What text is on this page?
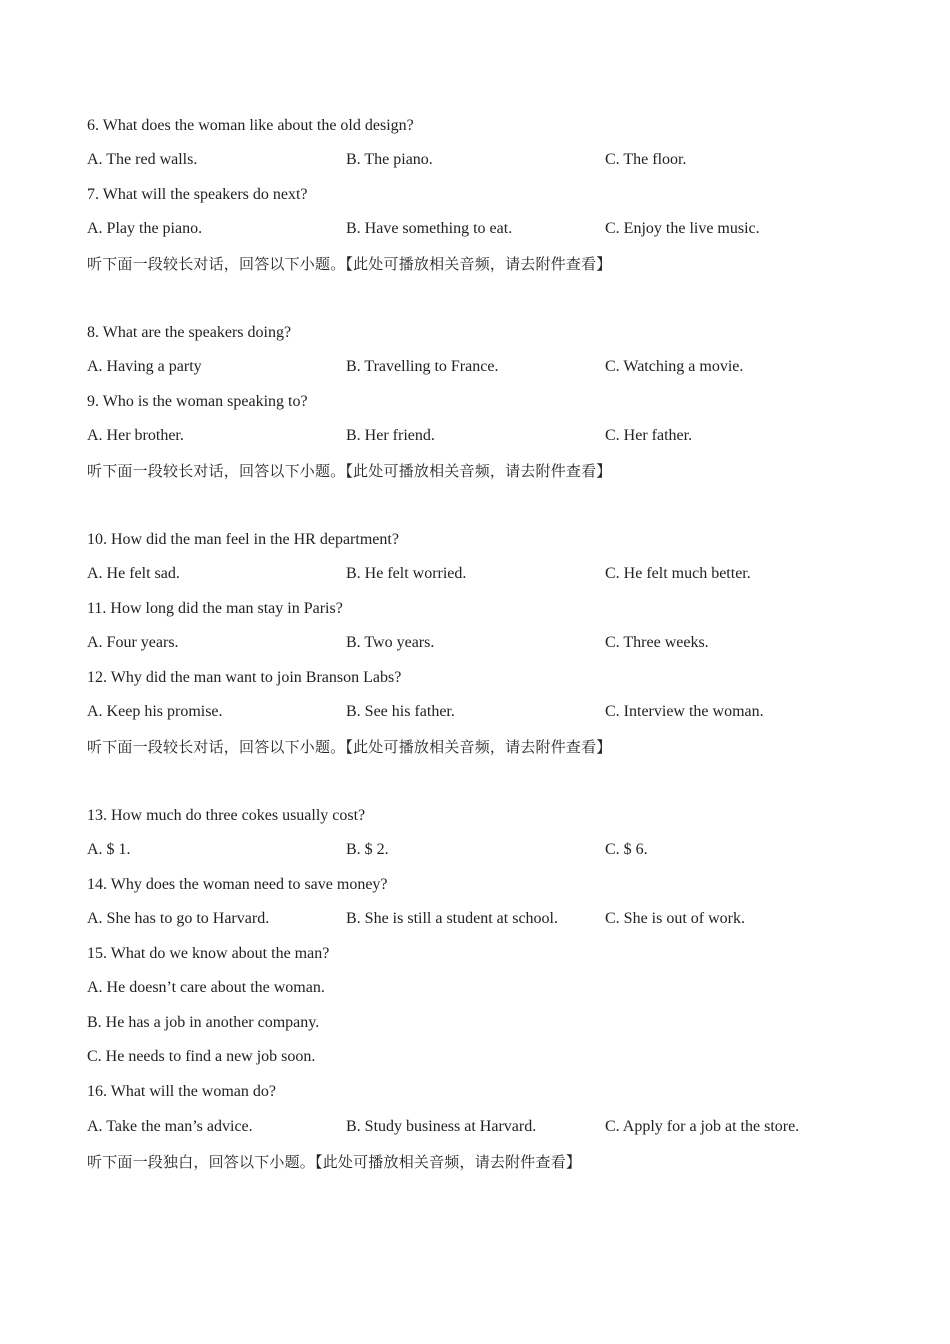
6. What does the woman like about the old design?
A. The red walls.	B. The piano.	C. The floor.
7. What will the speakers do next?
A. Play the piano.	B. Have something to eat.	C. Enjoy the live music.
听下面一段较长对话，回答以下小题。【此处可播放相关音频，请去附件查看】
8. What are the speakers doing?
A. Having a party	B. Travelling to France.	C. Watching a movie.
9. Who is the woman speaking to?
A. Her brother.	B. Her friend.	C. Her father.
听下面一段较长对话，回答以下小题。【此处可播放相关音频，请去附件查看】
10. How did the man feel in the HR department?
A. He felt sad.	B. He felt worried.	C. He felt much better.
11. How long did the man stay in Paris?
A. Four years.	B. Two years.	C. Three weeks.
12. Why did the man want to join Branson Labs?
A. Keep his promise.	B. See his father.	C. Interview the woman.
听下面一段较长对话，回答以下小题。【此处可播放相关音频，请去附件查看】
13. How much do three cokes usually cost?
A. $ 1.	B. $ 2.	C. $ 6.
14. Why does the woman need to save money?
A. She has to go to Harvard.	B. She is still a student at school.	C. She is out of work.
15. What do we know about the man?
A. He doesn’t care about the woman.
B. He has a job in another company.
C. He needs to find a new job soon.
16. What will the woman do?
A. Take the man’s advice.	B. Study business at Harvard.	C. Apply for a job at the store.
听下面一段独白，回答以下小题。【此处可播放相关音频，请去附件查看】
